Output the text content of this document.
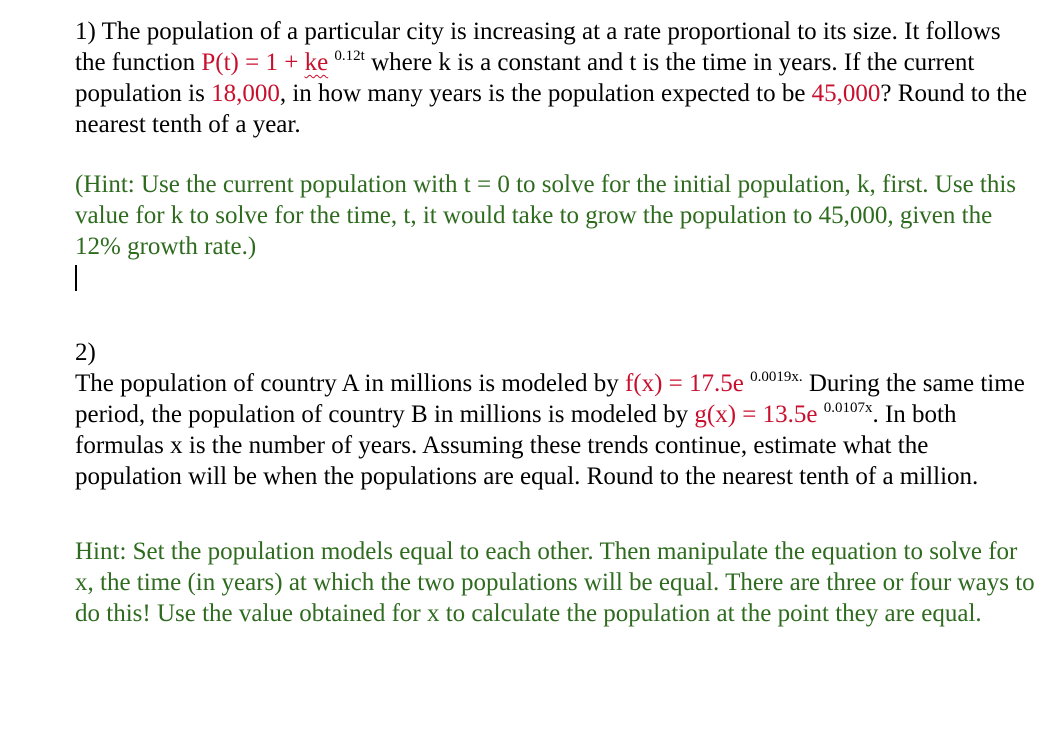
1) The population of a particular city is increasing at a rate proportional to its size. It follows the function P(t) = 1 + ke $^{0.12t}$ where k is a constant and t is the time in years. If the current population is 18,000, in how many years is the population expected to be 45,000? Round to the nearest tenth of a year.

(Hint: Use the current population with t = 0 to solve for the initial population, k, first. Use this value for k to solve for the time, t, it would take to grow the population to 45,000, given the 12% growth rate.)

2)

The population of country A in millions is modeled by f(x) = 17.5e $^{0.0019x.}$ During the same time period, the population of country B in millions is modeled by g(x) = 13.5e $^{0.0107x}$. In both formulas x is the number of years. Assuming these trends continue, estimate what the population will be when the populations are equal. Round to the nearest tenth of a million.

Hint: Set the population models equal to each other. Then manipulate the equation to solve for x, the time (in years) at which the two populations will be equal. There are three or four ways to do this! Use the value obtained for x to calculate the population at the point they are equal.
